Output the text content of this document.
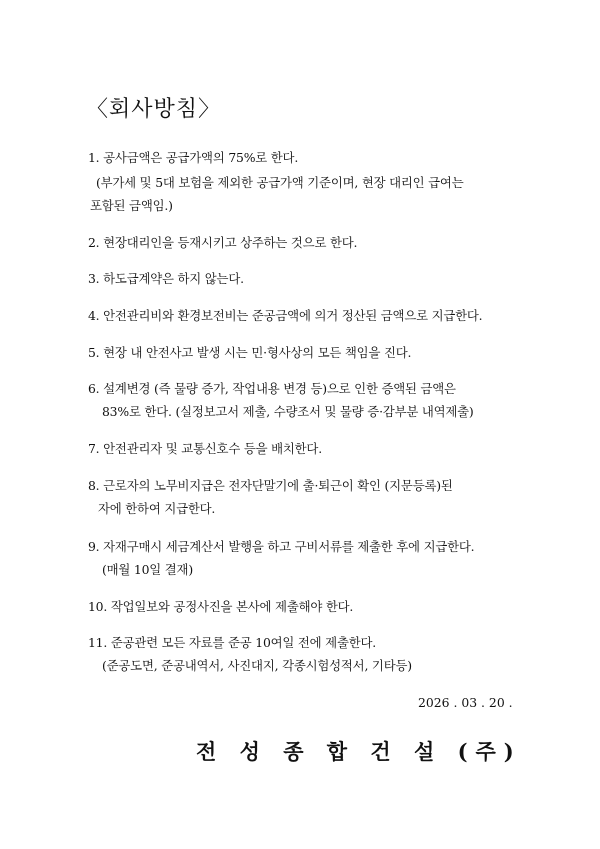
〈회사방침〉
1. 공사금액은 공급가액의 75%로 한다.
(부가세 및 5대 보험을 제외한 공급가액 기준이며, 현장 대리인 급여는
포함된 금액임.)
2. 현장대리인을 등재시키고 상주하는 것으로 한다.
3. 하도급계약은 하지 않는다.
4. 안전관리비와 환경보전비는 준공금액에 의거 정산된 금액으로 지급한다.
5. 현장 내 안전사고 발생 시는 민·형사상의 모든 책임을 진다.
6. 설계변경 (즉 물량 증가, 작업내용 변경 등)으로 인한 증액된 금액은
83%로 한다. (실정보고서 제출, 수량조서 및 물량 증·감부분 내역제출)
7. 안전관리자 및 교통신호수 등을 배치한다.
8. 근로자의 노무비지급은 전자단말기에 출·퇴근이 확인 (지문등록)된
자에 한하여 지급한다.
9. 자재구매시 세금계산서 발행을 하고 구비서류를 제출한 후에 지급한다.
(매월 10일 결재)
10. 작업일보와 공정사진을 본사에 제출해야 한다.
11. 준공관련 모든 자료를 준공 10여일 전에 제출한다.
(준공도면, 준공내역서, 사진대지, 각종시험성적서, 기타등)
2026 . 03 . 20 .
전 성 종 합 건 설 (주)
